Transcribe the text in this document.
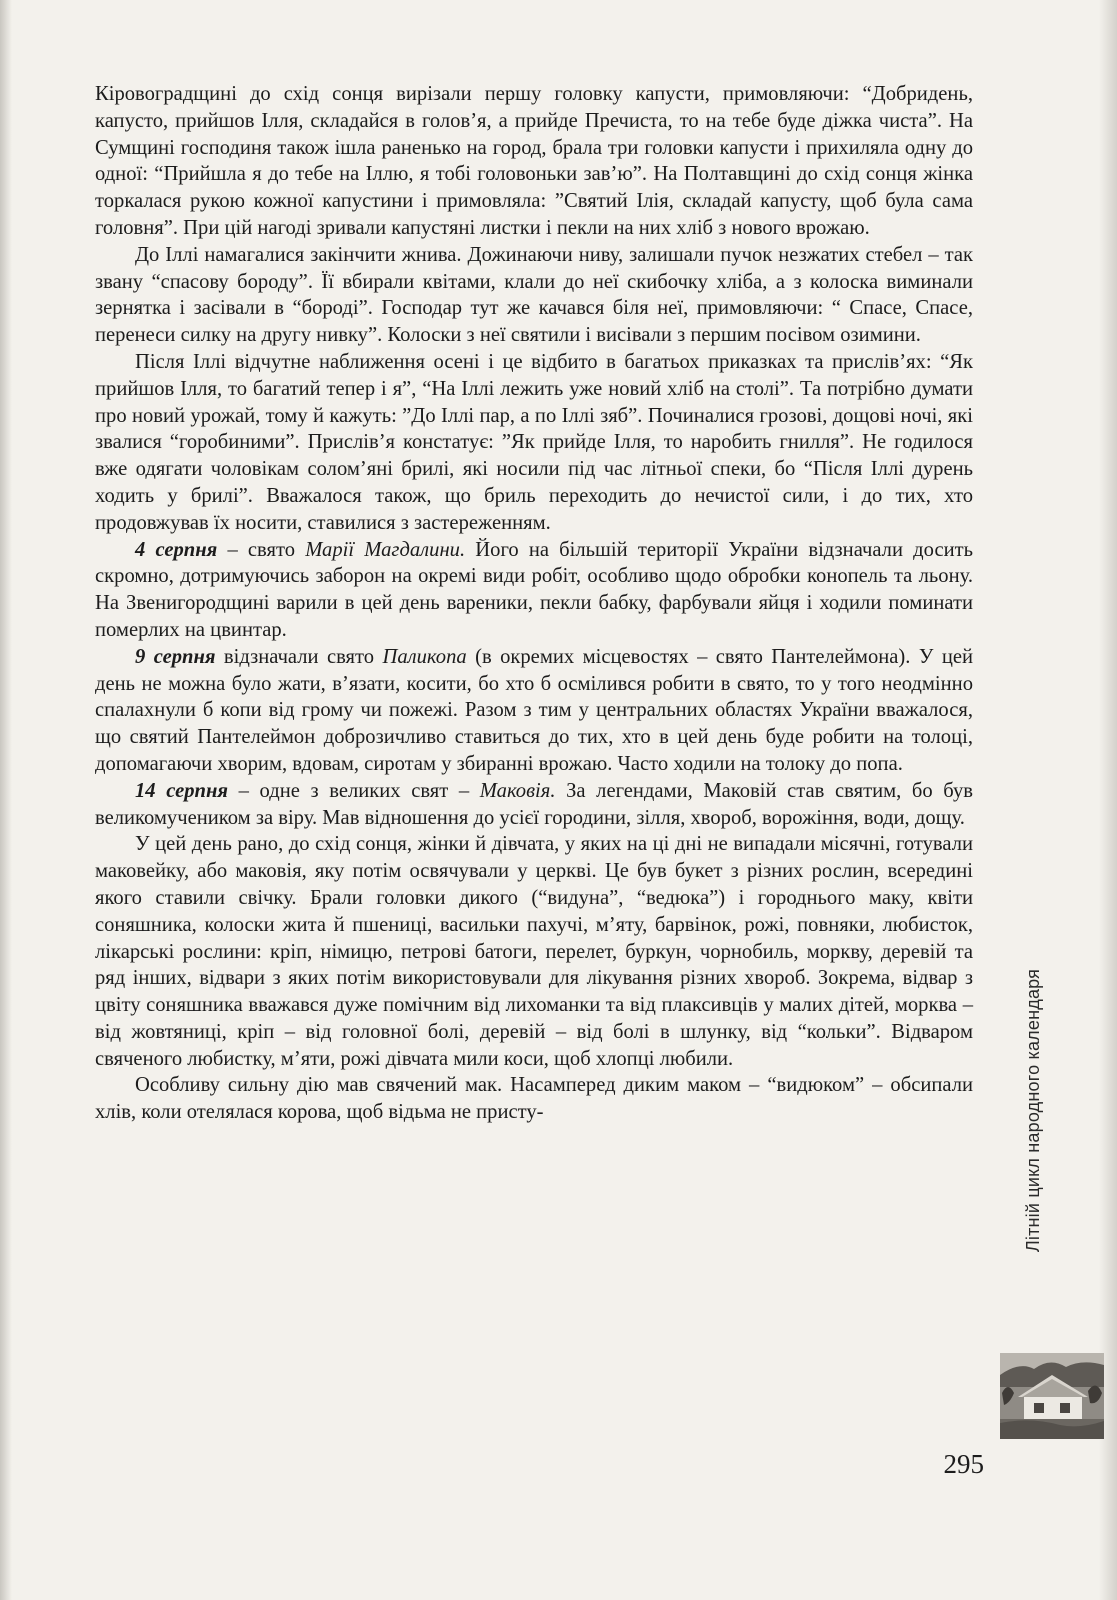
Кіровоградщині до схід сонця вирізали першу головку капусти, примовляючи: “Добридень, капусто, прийшов Ілля, складайся в голов’я, а прийде Пречиста, то на тебе буде діжка чиста”. На Сумщині господиня також ішла раненько на город, брала три головки капусти і прихиляла одну до одної: “Прийшла я до тебе на Іллю, я тобі головоньки зав’ю”. На Полтавщині до схід сонця жінка торкалася рукою кожної капустини і примовляла: ”Святий Ілія, складай капусту, щоб була сама головня”. При цій нагоді зривали капустяні листки і пекли на них хліб з нового врожаю.

До Іллі намагалися закінчити жнива. Дожинаючи ниву, залишали пучок незжатих стебел – так звану “спасову бороду”. Її вбирали квітами, клали до неї скибочку хліба, а з колоска виминали зернятка і засівали в “бороді”. Господар тут же качався біля неї, примовляючи: “ Спасе, Спасе, перенеси силку на другу нивку”. Колоски з неї святили і висівали з першим посівом озимини.

Після Іллі відчутне наближення осені і це відбито в багатьох приказках та прислів’ях: “Як прийшов Ілля, то багатий тепер і я”, “На Іллі лежить уже новий хліб на столі”. Та потрібно думати про новий урожай, тому й кажуть: ”До Іллі пар, а по Іллі зяб”. Починалися грозові, дощові ночі, які звалися “горобиними”. Прислів’я констатує: ”Як прийде Ілля, то наробить гнилля”. Не годилося вже одягати чоловікам солом’яні брилі, які носили під час літньої спеки, бо “Після Іллі дурень ходить у брилі”. Вважалося також, що бриль переходить до нечистої сили, і до тих, хто продовжував їх носити, ставилися з застереженням.

4 серпня – свято Марії Магдалини. Його на більшій території України відзначали досить скромно, дотримуючись заборон на окремі види робіт, особливо щодо обробки конопель та льону. На Звенигородщині варили в цей день вареники, пекли бабку, фарбували яйця і ходили поминати померлих на цвинтар.

9 серпня відзначали свято Паликопа (в окремих місцевостях – свято Пантелеймона). У цей день не можна було жати, в’язати, косити, бо хто б осмілився робити в свято, то у того неодмінно спалахнули б копи від грому чи пожежі. Разом з тим у центральних областях України вважалося, що святий Пантелеймон доброзичливо ставиться до тих, хто в цей день буде робити на толоці, допомагаючи хворим, вдовам, сиротам у збиранні врожаю. Часто ходили на толоку до попа.

14 серпня – одне з великих свят – Маковія. За легендами, Маковій став святим, бо був великомучеником за віру. Мав відношення до усієї городини, зілля, хвороб, ворожіння, води, дощу.

У цей день рано, до схід сонця, жінки й дівчата, у яких на ці дні не випадали місячні, готували маковейку, або маковія, яку потім освячували у церкві. Це був букет з різних рослин, всередині якого ставили свічку. Брали головки дикого (“видуна”, “ведюка”) і городнього маку, квіти соняшника, колоски жита й пшениці, васильки пахучі, м’яту, барвінок, рожі, повняки, любисток, лікарські рослини: кріп, німицю, петрові батоги, перелет, буркун, чорнобиль, моркву, деревій та ряд інших, відвари з яких потім використовували для лікування різних хвороб. Зокрема, відвар з цвіту соняшника вважався дуже помічним від лихоманки та від плаксивців у малих дітей, морква – від жовтяниці, кріп – від головної болі, деревій – від болі в шлунку, від “кольки”. Відваром свяченого любистку, м’яти, рожі дівчата мили коси, щоб хлопці любили.

Особливу сильну дію мав свячений мак. Насамперед диким маком – “видюком” – обсипали хлів, коли отелялася корова, щоб відьма не присту-	Літній цикл народного календаря
295
